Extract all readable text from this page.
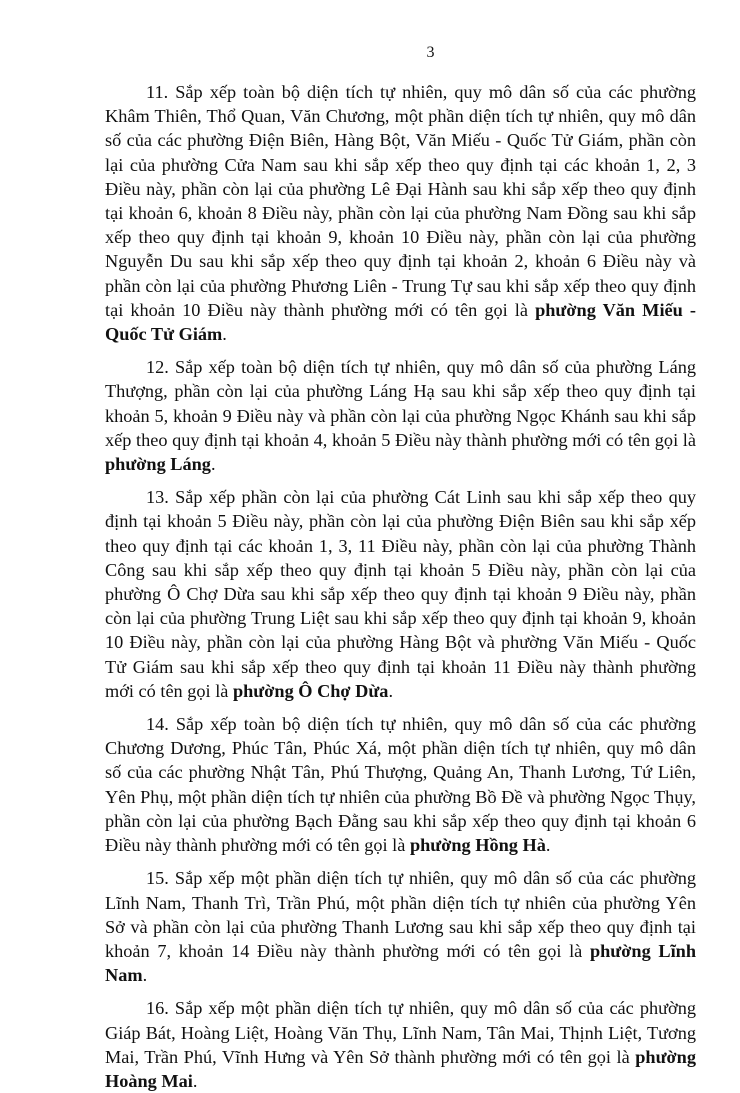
3

11. Sắp xếp toàn bộ diện tích tự nhiên, quy mô dân số của các phường Khâm Thiên, Thổ Quan, Văn Chương, một phần diện tích tự nhiên, quy mô dân số của các phường Điện Biên, Hàng Bột, Văn Miếu - Quốc Tử Giám, phần còn lại của phường Cửa Nam sau khi sắp xếp theo quy định tại các khoản 1, 2, 3 Điều này, phần còn lại của phường Lê Đại Hành sau khi sắp xếp theo quy định tại khoản 6, khoản 8 Điều này, phần còn lại của phường Nam Đồng sau khi sắp xếp theo quy định tại khoản 9, khoản 10 Điều này, phần còn lại của phường Nguyễn Du sau khi sắp xếp theo quy định tại khoản 2, khoản 6 Điều này và phần còn lại của phường Phương Liên - Trung Tự sau khi sắp xếp theo quy định tại khoản 10 Điều này thành phường mới có tên gọi là phường Văn Miếu - Quốc Tử Giám.

12. Sắp xếp toàn bộ diện tích tự nhiên, quy mô dân số của phường Láng Thượng, phần còn lại của phường Láng Hạ sau khi sắp xếp theo quy định tại khoản 5, khoản 9 Điều này và phần còn lại của phường Ngọc Khánh sau khi sắp xếp theo quy định tại khoản 4, khoản 5 Điều này thành phường mới có tên gọi là phường Láng.

13. Sắp xếp phần còn lại của phường Cát Linh sau khi sắp xếp theo quy định tại khoản 5 Điều này, phần còn lại của phường Điện Biên sau khi sắp xếp theo quy định tại các khoản 1, 3, 11 Điều này, phần còn lại của phường Thành Công sau khi sắp xếp theo quy định tại khoản 5 Điều này, phần còn lại của phường Ô Chợ Dừa sau khi sắp xếp theo quy định tại khoản 9 Điều này, phần còn lại của phường Trung Liệt sau khi sắp xếp theo quy định tại khoản 9, khoản 10 Điều này, phần còn lại của phường Hàng Bột và phường Văn Miếu - Quốc Tử Giám sau khi sắp xếp theo quy định tại khoản 11 Điều này thành phường mới có tên gọi là phường Ô Chợ Dừa.

14. Sắp xếp toàn bộ diện tích tự nhiên, quy mô dân số của các phường Chương Dương, Phúc Tân, Phúc Xá, một phần diện tích tự nhiên, quy mô dân số của các phường Nhật Tân, Phú Thượng, Quảng An, Thanh Lương, Tứ Liên, Yên Phụ, một phần diện tích tự nhiên của phường Bồ Đề và phường Ngọc Thụy, phần còn lại của phường Bạch Đằng sau khi sắp xếp theo quy định tại khoản 6 Điều này thành phường mới có tên gọi là phường Hồng Hà.

15. Sắp xếp một phần diện tích tự nhiên, quy mô dân số của các phường Lĩnh Nam, Thanh Trì, Trần Phú, một phần diện tích tự nhiên của phường Yên Sở và phần còn lại của phường Thanh Lương sau khi sắp xếp theo quy định tại khoản 7, khoản 14 Điều này thành phường mới có tên gọi là phường Lĩnh Nam.

16. Sắp xếp một phần diện tích tự nhiên, quy mô dân số của các phường Giáp Bát, Hoàng Liệt, Hoàng Văn Thụ, Lĩnh Nam, Tân Mai, Thịnh Liệt, Tương Mai, Trần Phú, Vĩnh Hưng và Yên Sở thành phường mới có tên gọi là phường Hoàng Mai.
